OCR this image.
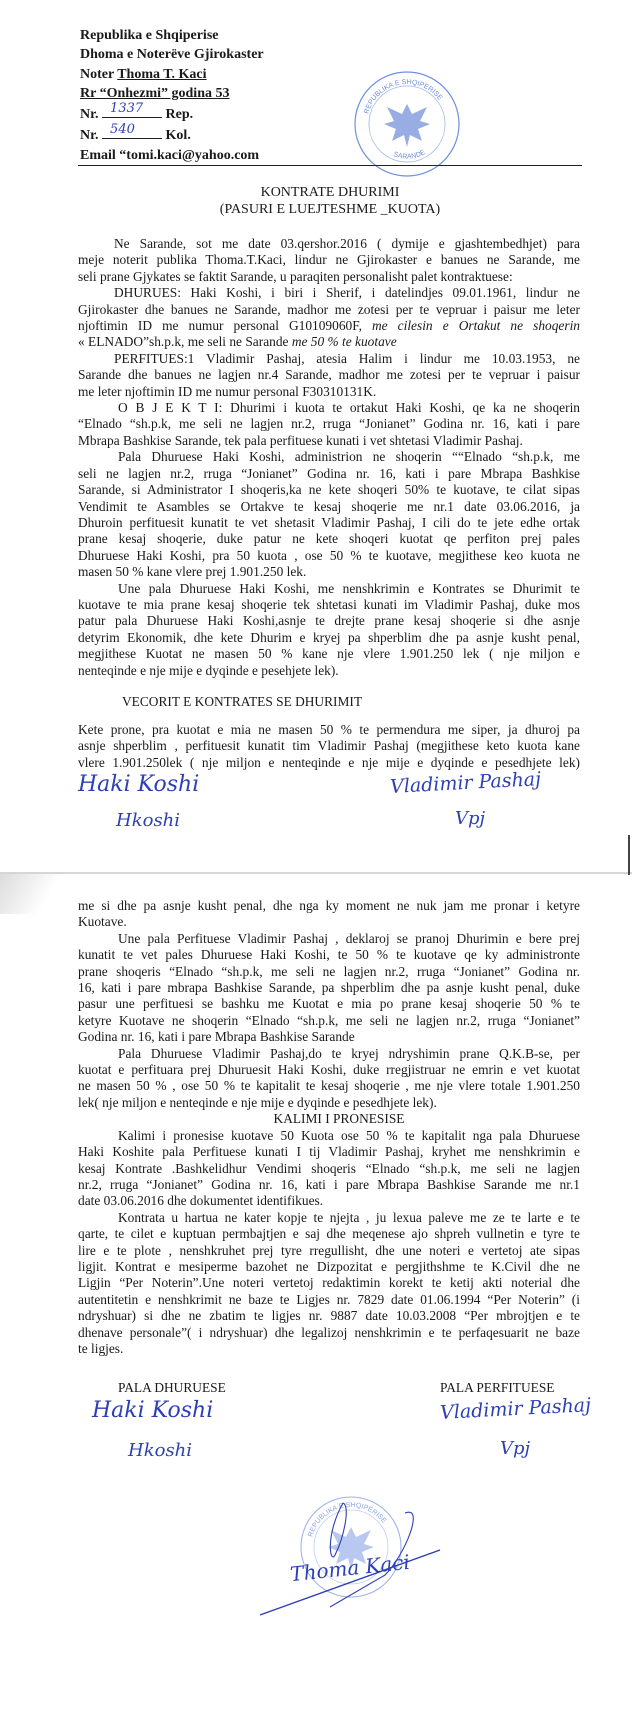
Republika e Shqiperise
Dhoma e Noterëve Gjirokaster
Noter Thoma T. Kaci
Rr “Onhezmi” godina 53
Nr. 1337 Rep.
Nr. 540 Kol.
Email “tomi.kaci@yahoo.com
REPUBLIKA E SHQIPERISE
SARANDE
KONTRATE DHURIMI
(PASURI E LUEJTESHME _KUOTA)
Ne Sarande, sot me date 03.qershor.2016 ( dymije e gjashtembedhjet) para
meje noterit publika Thoma.T.Kaci, lindur ne Gjirokaster e banues ne Sarande, me
seli prane Gjykates se faktit Sarande, u paraqiten personalisht palet kontraktuese:
DHURUES: Haki Koshi, i biri i Sherif, i datelindjes 09.01.1961, lindur ne
Gjirokaster dhe banues ne Sarande, madhor me zotesi per te vepruar i paisur me leter
njoftimin ID me numur personal G10109060F, me cilesin e Ortakut ne shoqerin
« ELNADO”sh.p.k, me seli ne Sarande me 50 % te kuotave
PERFITUES:1 Vladimir Pashaj, atesia Halim i lindur me 10.03.1953, ne
Sarande dhe banues ne lagjen nr.4 Sarande, madhor me zotesi per te vepruar i paisur
me leter njoftimin ID me numur personal F30310131K.
O B J E K T I: Dhurimi i kuota te ortakut Haki Koshi, qe ka ne shoqerin
“Elnado “sh.p.k, me seli ne lagjen nr.2, rruga “Jonianet” Godina nr. 16, kati i pare
Mbrapa Bashkise Sarande, tek pala perfituese kunati i vet shtetasi Vladimir Pashaj.
Pala Dhuruese Haki Koshi, administrion ne shoqerin ““Elnado “sh.p.k, me
seli ne lagjen nr.2, rruga “Jonianet” Godina nr. 16, kati i pare Mbrapa Bashkise
Sarande, si Administrator I shoqeris,ka ne kete shoqeri 50% te kuotave, te cilat sipas
Vendimit te Asambles se Ortakve te kesaj shoqerie me nr.1 date 03.06.2016, ja
Dhuroin perfituesit kunatit te vet shetasit Vladimir Pashaj, I cili do te jete edhe ortak
prane kesaj shoqerie, duke patur ne kete shoqeri kuotat qe perfiton prej pales
Dhuruese Haki Koshi, pra 50 kuota , ose 50 % te kuotave, megjithese keo kuota ne
masen 50 % kane vlere prej 1.901.250 lek.
Une pala Dhuruese Haki Koshi, me nenshkrimin e Kontrates se Dhurimit te
kuotave te mia prane kesaj shoqerie tek shtetasi kunati im Vladimir Pashaj, duke mos
patur pala Dhuruese Haki Koshi,asnje te drejte prane kesaj shoqerie si dhe asnje
detyrim Ekonomik, dhe kete Dhurim e kryej pa shperblim dhe pa asnje kusht penal,
megjithese Kuotat ne masen 50 % kane nje vlere 1.901.250 lek ( nje miljon e
nenteqinde e nje mije e dyqinde e pesehjete lek).
VECORIT E KONTRATES SE DHURIMIT
Kete prone, pra kuotat e mia ne masen 50 % te permendura me siper, ja dhuroj pa
asnje shperblim , perfituesit kunatit tim Vladimir Pashaj (megjithese keto kuota kane
vlere 1.901.250lek ( nje miljon e nenteqinde e nje mije e dyqinde e pesedhjete lek)
Haki Koshi
Hkoshi
Vladimir Pashaj
Vpj
me si dhe pa asnje kusht penal, dhe nga ky moment ne nuk jam me pronar i ketyre
Kuotave.
Une pala Perfituese Vladimir Pashaj , deklaroj se pranoj Dhurimin e bere prej
kunatit te vet pales Dhuruese Haki Koshi, te 50 % te kuotave qe ky administronte
prane shoqeris “Elnado “sh.p.k, me seli ne lagjen nr.2, rruga “Jonianet” Godina nr.
16, kati i pare mbrapa Bashkise Sarande, pa shperblim dhe pa asnje kusht penal, duke
pasur une perfituesi se bashku me Kuotat e mia po prane kesaj shoqerie 50 % te
ketyre Kuotave ne shoqerin “Elnado “sh.p.k, me seli ne lagjen nr.2, rruga “Jonianet”
Godina nr. 16, kati i pare Mbrapa Bashkise Sarande
Pala Dhuruese Vladimir Pashaj,do te kryej ndryshimin prane Q.K.B-se, per
kuotat e perfituara prej Dhuruesit Haki Koshi, duke rregjistruar ne emrin e vet kuotat
ne masen 50 % , ose 50 % te kapitalit te kesaj shoqerie , me nje vlere totale 1.901.250
lek( nje miljon e nenteqinde e nje mije e dyqinde e pesedhjete lek).
KALIMI I PRONESISE
Kalimi i pronesise kuotave 50 Kuota ose 50 % te kapitalit nga pala Dhuruese
Haki Koshite pala Perfituese kunati I tij Vladimir Pashaj, kryhet me nenshkrimin e
kesaj Kontrate .Bashkelidhur Vendimi shoqeris “Elnado “sh.p.k, me seli ne lagjen
nr.2, rruga “Jonianet” Godina nr. 16, kati i pare Mbrapa Bashkise Sarande me nr.1
date 03.06.2016 dhe dokumentet identifikues.
Kontrata u hartua ne kater kopje te njejta , ju lexua paleve me ze te larte e te
qarte, te cilet e kuptuan permbajtjen e saj dhe meqenese ajo shpreh vullnetin e tyre te
lire e te plote , nenshkruhet prej tyre rregullisht, dhe une noteri e vertetoj ate sipas
ligjit. Kontrat e mesiperme bazohet ne Dizpozitat e pergjithshme te K.Civil dhe ne
Ligjin “Per Noterin”.Une noteri vertetoj redaktimin korekt te ketij akti noterial dhe
autentitetin e nenshkrimit ne baze te Ligjes nr. 7829 date 01.06.1994 “Per Noterin” (i
ndryshuar) si dhe ne zbatim te ligjes nr. 9887 date 10.03.2008 “Per mbrojtjen e te
dhenave personale”( i ndryshuar) dhe legalizoj nenshkrimin e te perfaqesuarit ne baze
te ligjes.
PALA DHURUESE	PALA PERFITUESE
Haki Koshi
Hkoshi
Vladimir Pashaj
Vpj
REPUBLIKA E SHQIPERISE
Thoma Kaci
